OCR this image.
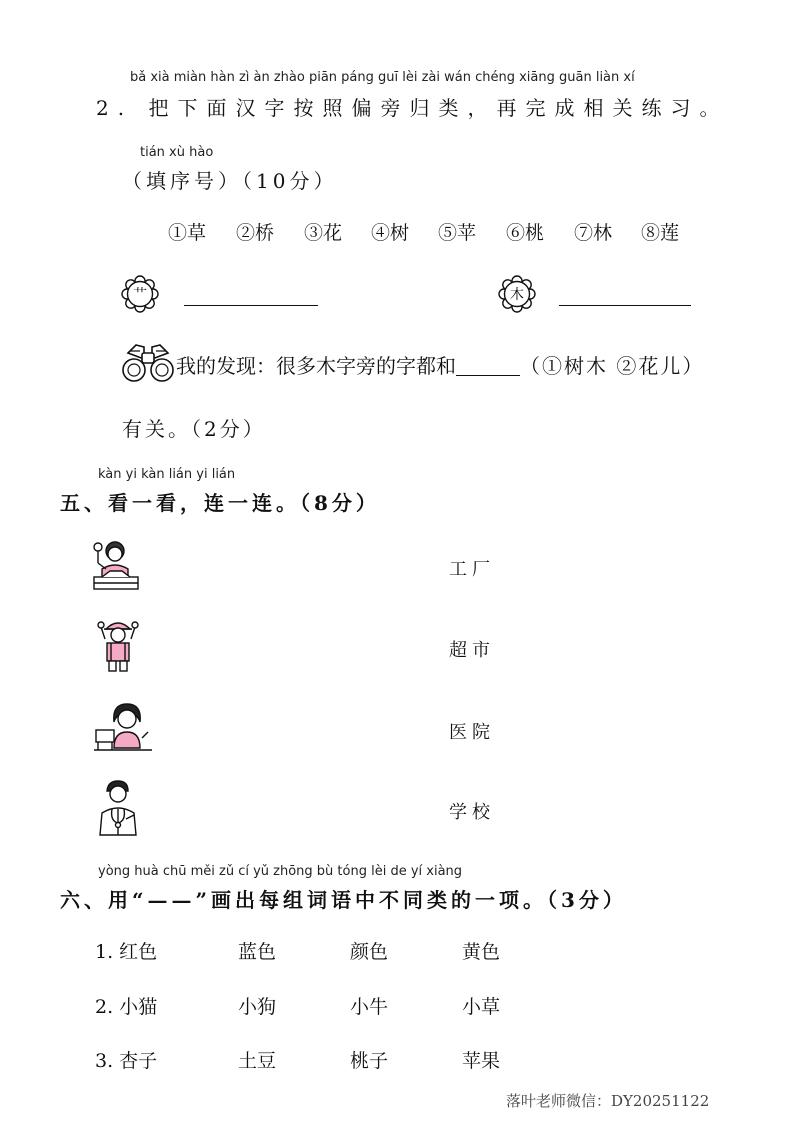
bǎ xià miàn hàn zì àn zhào piān páng guī lèi zài wán chéng xiāng guān liàn xí
2. 把下面汉字按照偏旁归类，再完成相关练习。
tián xù hào
（填序号）（10分）
①草 ②桥 ③花 ④树 ⑤苹 ⑥桃 ⑦林 ⑧莲
艹	木
我的发现：很多木字旁的字都和	（①树木 ②花儿）
有关。（2分）
kàn yi kàn lián yi lián
五、看一看，连一连。（8分）
工厂
超市
医院
学校
yòng huà chū měi zǔ cí yǔ zhōng bù tóng lèi de yí xiàng
六、用“——”画出每组词语中不同类的一项。（3分）
1. 红色	蓝色	颜色	黄色
2. 小猫	小狗	小牛	小草
3. 杏子	土豆	桃子	苹果
落叶老师微信：DY20251122
